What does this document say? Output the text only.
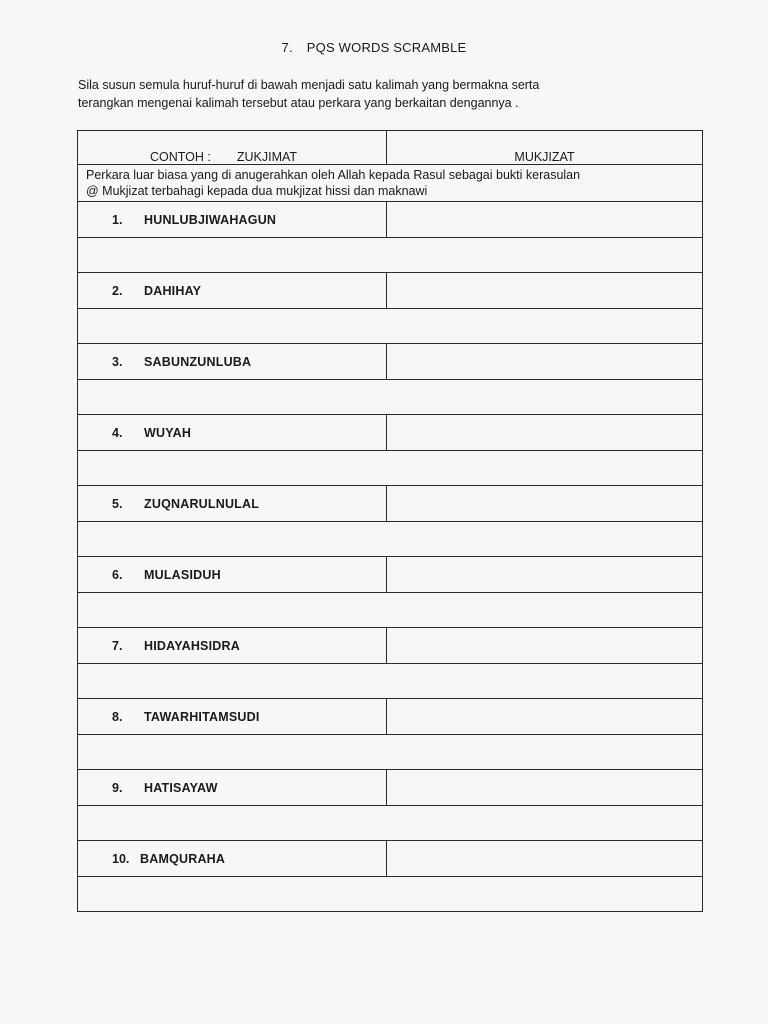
7. PQS WORDS SCRAMBLE
Sila susun semula huruf-huruf di bawah menjadi satu kalimah yang bermakna serta
terangkan mengenai kalimah tersebut atau perkara yang berkaitan dengannya .
CONTOH : ZUKJIMAT	MUKJIZAT

Perkara luar biasa yang di anugerahkan oleh Allah kepada Rasul sebagai bukti kerasulan
@ Mukjizat terbahagi kepada dua mukjizat hissi dan maknawi	

1. HUNLUBJIWAHAGUN	

2. DAHIHAY	

3. SABUNZUNLUBA	

4. WUYAH	

5. ZUQNARULNULAL	

6. MULASIDUH	

7. HIDAYAHSIDRA	

8. TAWARHITAMSUDI	

9. HATISAYAW	

10. BAMQURAHA	
